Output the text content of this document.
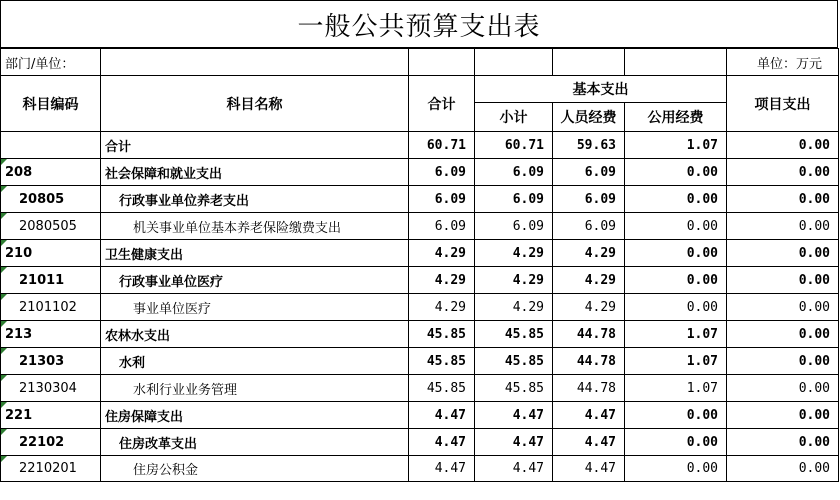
一般公共预算支出表
部门/单位：						单位：万元
科目编码	科目名称	合计	基本支出			项目支出
			小计	人员经费	公用经费	
	合计	60.71	60.71	59.63	1.07	0.00

208	社会保障和就业支出	6.09	6.09	6.09	0.00	0.00

20805	行政事业单位养老支出	6.09	6.09	6.09	0.00	0.00

2080505	机关事业单位基本养老保险缴费支出	6.09	6.09	6.09	0.00	0.00

210	卫生健康支出	4.29	4.29	4.29	0.00	0.00

21011	行政事业单位医疗	4.29	4.29	4.29	0.00	0.00

2101102	事业单位医疗	4.29	4.29	4.29	0.00	0.00

213	农林水支出	45.85	45.85	44.78	1.07	0.00

21303	水利	45.85	45.85	44.78	1.07	0.00

2130304	水利行业业务管理	45.85	45.85	44.78	1.07	0.00

221	住房保障支出	4.47	4.47	4.47	0.00	0.00

22102	住房改革支出	4.47	4.47	4.47	0.00	0.00

2210201	住房公积金	4.47	4.47	4.47	0.00	0.00
